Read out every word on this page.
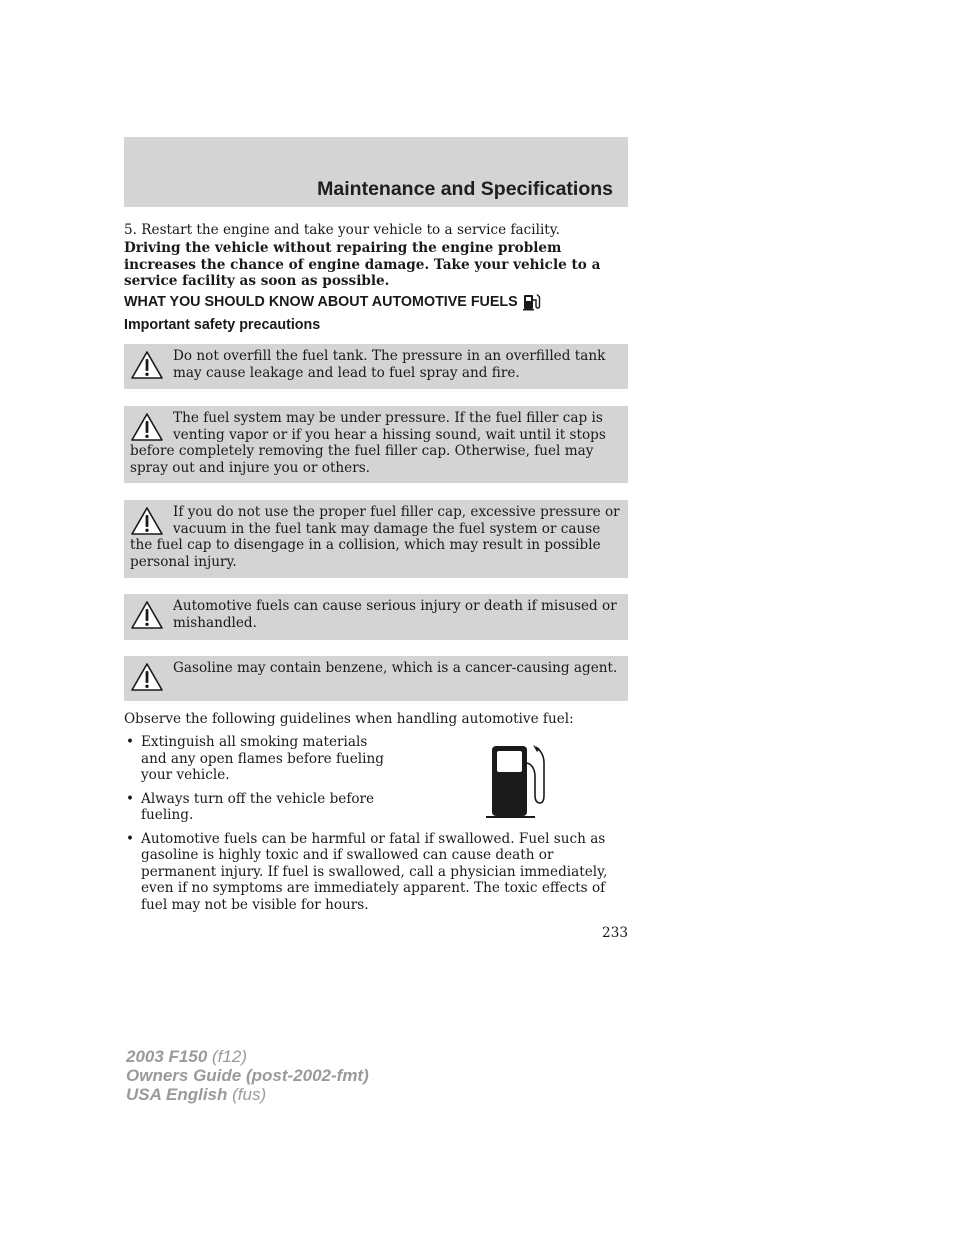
Maintenance and Specifications
5. Restart the engine and take your vehicle to a service facility.
Driving the vehicle without repairing the engine problem increases the chance of engine damage. Take your vehicle to a service facility as soon as possible.
WHAT YOU SHOULD KNOW ABOUT AUTOMOTIVE FUELS
Important safety precautions

Do not overfill the fuel tank. The pressure in an overfilled tank may cause leakage and lead to fuel spray and fire.

The fuel system may be under pressure. If the fuel filler cap is venting vapor or if you hear a hissing sound, wait until it stops before completely removing the fuel filler cap. Otherwise, fuel may spray out and injure you or others.

If you do not use the proper fuel filler cap, excessive pressure or vacuum in the fuel tank may damage the fuel system or cause the fuel cap to disengage in a collision, which may result in possible personal injury.

Automotive fuels can cause serious injury or death if misused or mishandled.

Gasoline may contain benzene, which is a cancer-causing agent.

Observe the following guidelines when handling automotive fuel:
• Extinguish all smoking materials and any open flames before fueling your vehicle.
• Always turn off the vehicle before fueling.
• Automotive fuels can be harmful or fatal if swallowed. Fuel such as gasoline is highly toxic and if swallowed can cause death or permanent injury. If fuel is swallowed, call a physician immediately, even if no symptoms are immediately apparent. The toxic effects of fuel may not be visible for hours.
233
2003 F150 (f12)
Owners Guide (post-2002-fmt)
USA English (fus)
